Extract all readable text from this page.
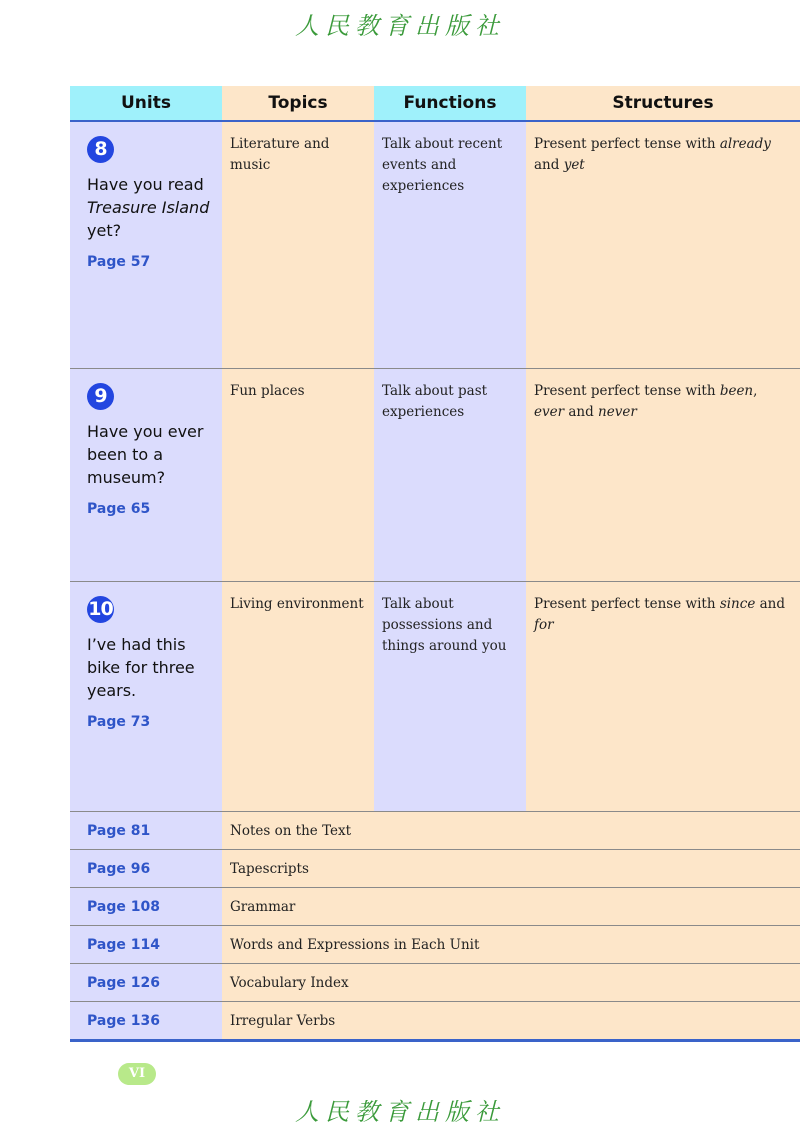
人民教育出版社
Units	Topics	Functions	Structures

8
Have you read
Treasure Island
yet?
Page 57	Literature and music	Talk about recent events and experiences	Present perfect tense with already and yet

9
Have you ever been to a museum?
Page 65	Fun places	Talk about past experiences	Present perfect tense with been, ever and never

10
I’ve had this bike for three years.
Page 73	Living environment	Talk about possessions and things around you	Present perfect tense with since and for

Page 81	Notes on the Text		
Page 96	Tapescripts		
Page 108	Grammar		
Page 114	Words and Expressions in Each Unit		
Page 126	Vocabulary Index		
Page 136	Irregular Verbs		
VI
人民教育出版社
